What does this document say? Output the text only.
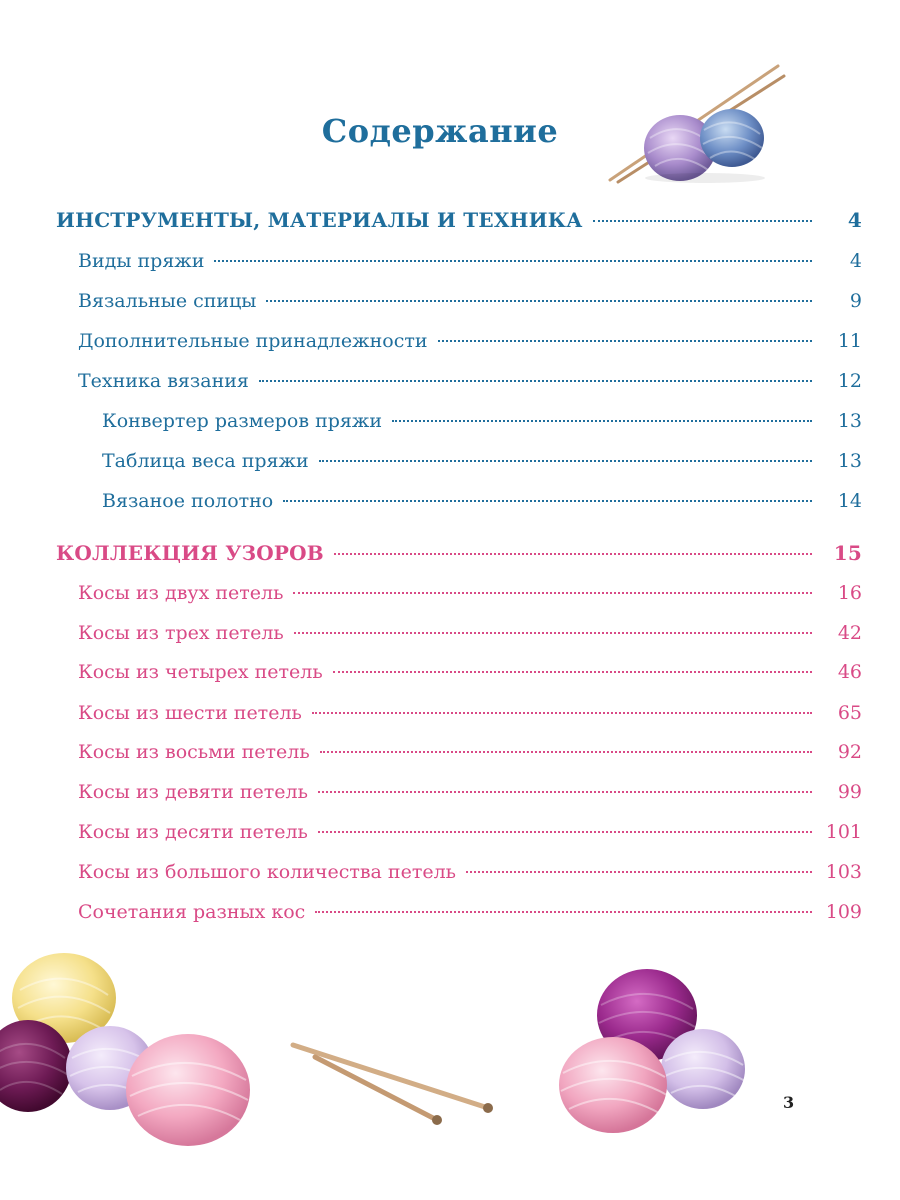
Содержание
ИНСТРУМЕНТЫ, МАТЕРИАЛЫ И ТЕХНИКА	4
Виды пряжи	4
Вязальные спицы	9
Дополнительные принадлежности	11
Техника вязания	12
Конвертер размеров пряжи	13
Таблица веса пряжи	13
Вязаное полотно	14
КОЛЛЕКЦИЯ УЗОРОВ	15
Косы из двух петель	16
Косы из трех петель	42
Косы из четырех петель	46
Косы из шести петель	65
Косы из восьми петель	92
Косы из девяти петель	99
Косы из десяти петель	101
Косы из большого количества петель	103
Сочетания разных кос	109
3
